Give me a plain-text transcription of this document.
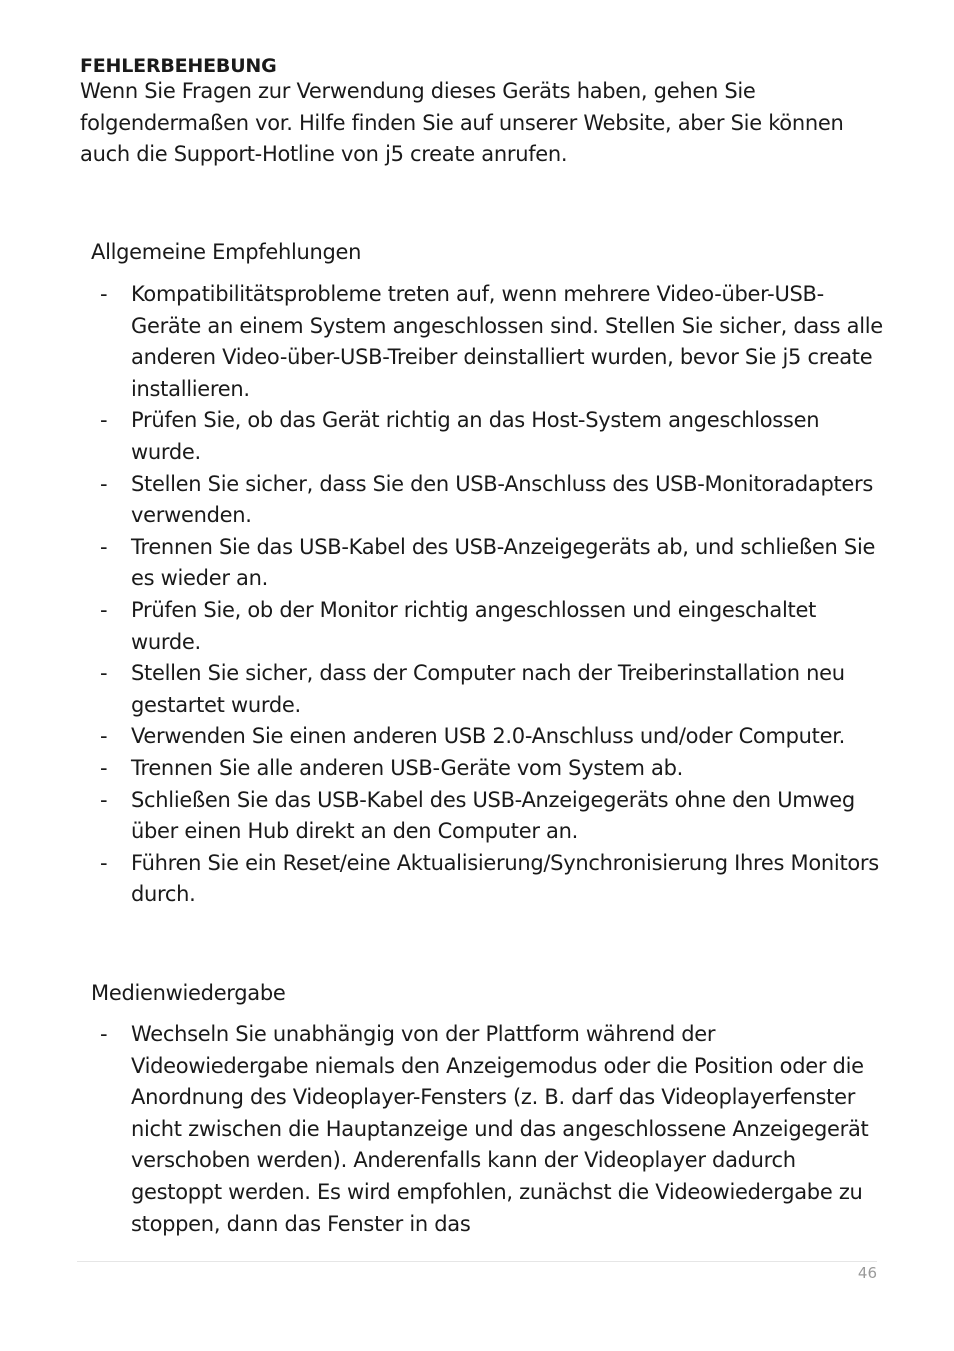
FEHLERBEHEBUNG

Wenn Sie Fragen zur Verwendung dieses Geräts haben, gehen Sie folgendermaßen vor. Hilfe finden Sie auf unserer Website, aber Sie können auch die Support-Hotline von j5 create anrufen.

Allgemeine Empfehlungen

- Kompatibilitätsprobleme treten auf, wenn mehrere Video-über-USB-Geräte an einem System angeschlossen sind. Stellen Sie sicher, dass alle anderen Video-über-USB-Treiber deinstalliert wurden, bevor Sie j5 create installieren.
- Prüfen Sie, ob das Gerät richtig an das Host-System angeschlossen wurde.
- Stellen Sie sicher, dass Sie den USB-Anschluss des USB-Monitoradapters verwenden.
- Trennen Sie das USB-Kabel des USB-Anzeigegeräts ab, und schließen Sie es wieder an.
- Prüfen Sie, ob der Monitor richtig angeschlossen und eingeschaltet wurde.
- Stellen Sie sicher, dass der Computer nach der Treiberinstallation neu gestartet wurde.
- Verwenden Sie einen anderen USB 2.0-Anschluss und/oder Computer.
- Trennen Sie alle anderen USB-Geräte vom System ab.
- Schließen Sie das USB-Kabel des USB-Anzeigegeräts ohne den Umweg über einen Hub direkt an den Computer an.
- Führen Sie ein Reset/eine Aktualisierung/Synchronisierung Ihres Monitors durch.

Medienwiedergabe

- Wechseln Sie unabhängig von der Plattform während der Videowiedergabe niemals den Anzeigemodus oder die Position oder die Anordnung des Videoplayer-Fensters (z. B. darf das Videoplayerfenster nicht zwischen die Hauptanzeige und das angeschlossene Anzeigegerät verschoben werden). Anderenfalls kann der Videoplayer dadurch gestoppt werden. Es wird empfohlen, zunächst die Videowiedergabe zu stoppen, dann das Fenster in das
46
